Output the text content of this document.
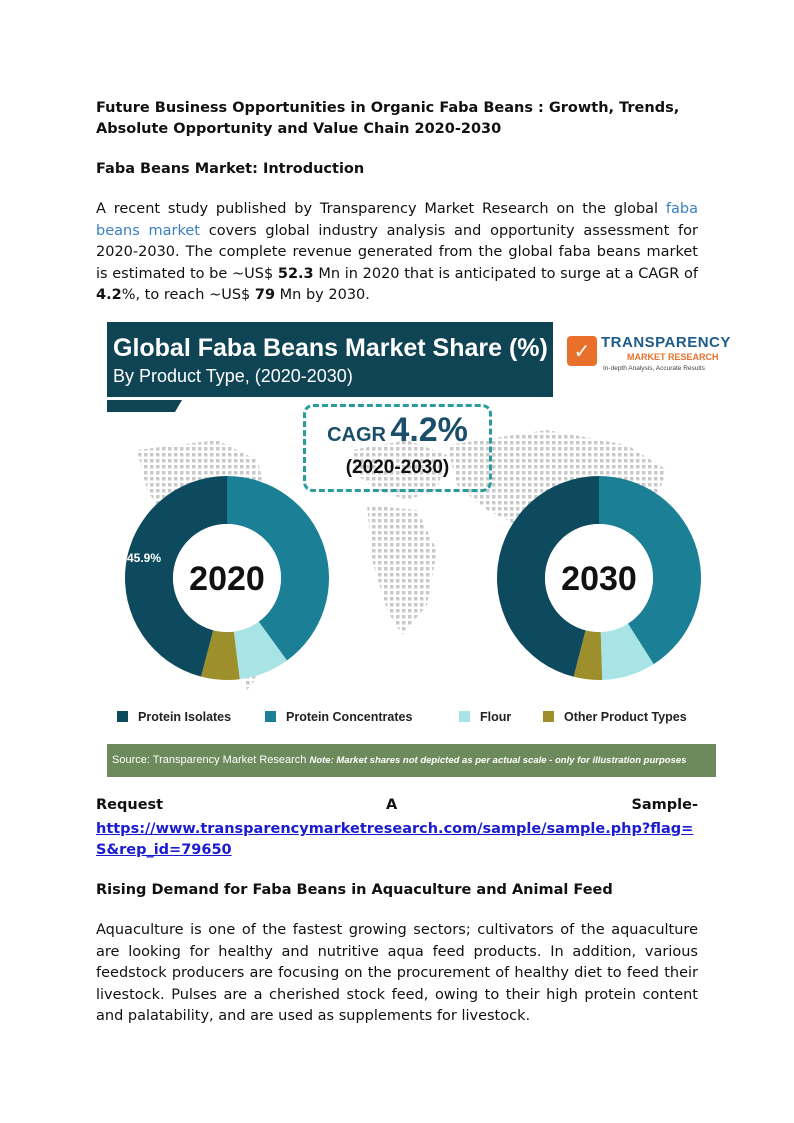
Future Business Opportunities in Organic Faba Beans : Growth, Trends, Absolute Opportunity and Value Chain 2020-2030
Faba Beans Market: Introduction
A recent study published by Transparency Market Research on the global faba beans market covers global industry analysis and opportunity assessment for 2020-2030. The complete revenue generated from the global faba beans market is estimated to be ~US$ 52.3 Mn in 2020 that is anticipated to surge at a CAGR of 4.2%, to reach ~US$ 79 Mn by 2030.
Global Faba Beans Market Share (%)
By Product Type, (2020-2030)
✓ TRANSPARENCY
MARKET RESEARCH
In-depth Analysis, Accurate Results
CAGR 4.2%
(2020-2030)
2020
45.9%
2030
Protein Isolates	Protein Concentrates	Flour	Other Product Types
Source: Transparency Market Research Note: Market shares not depicted as per actual scale - only for illustration purposes
Request	A	Sample-
https://www.transparencymarketresearch.com/sample/sample.php?flag=S&rep_id=79650
Rising Demand for Faba Beans in Aquaculture and Animal Feed
Aquaculture is one of the fastest growing sectors; cultivators of the aquaculture are looking for healthy and nutritive aqua feed products. In addition, various feedstock producers are focusing on the procurement of healthy diet to feed their livestock. Pulses are a cherished stock feed, owing to their high protein content and palatability, and are used as supplements for livestock.
